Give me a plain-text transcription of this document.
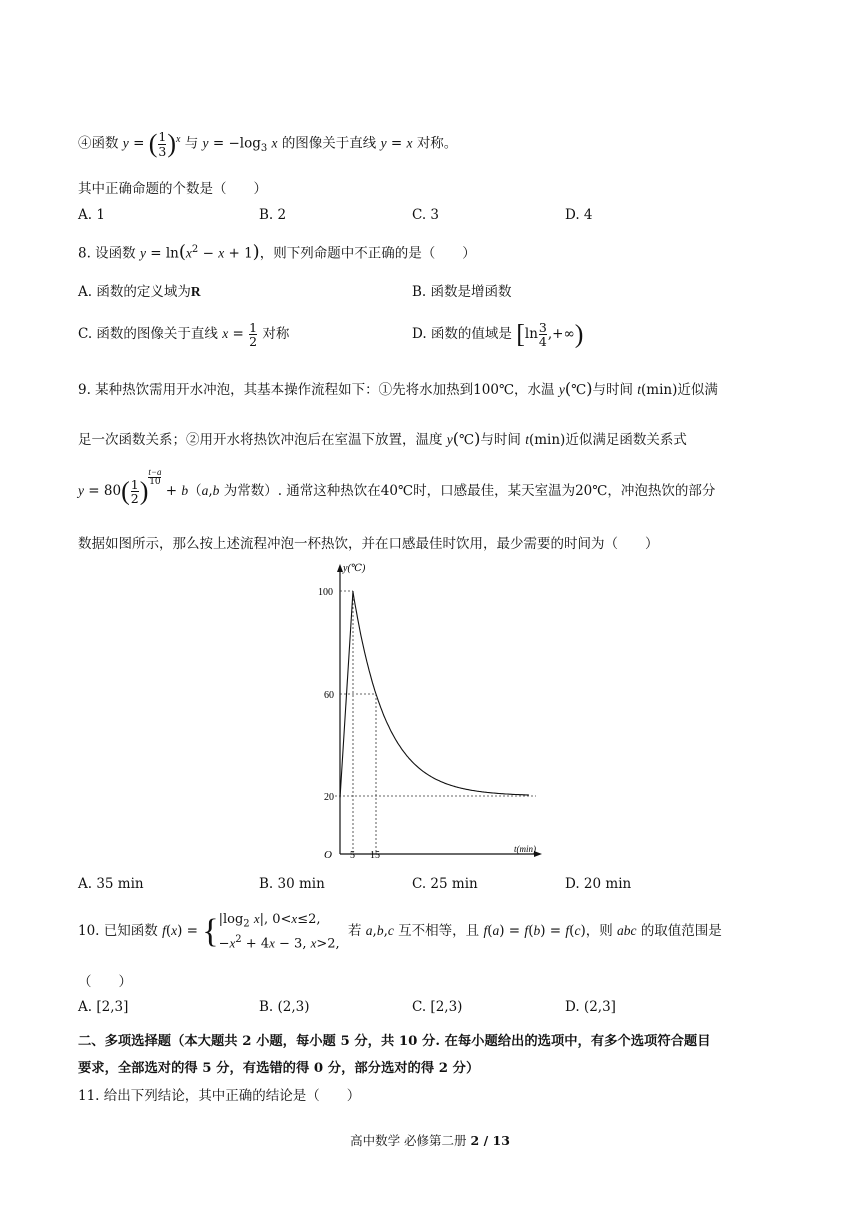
④函数 y = ( $\frac{1}{3} )^x$ 与 $y = -\log_3$ x 的图像关于直线 y = x 对称。
其中正确命题的个数是（　　）
A. 1	B. 2	C. 3	D. 4
8. 设函数 $y = \ln(x^2 - x + 1)$，则下列命题中不正确的是（　　）
A. 函数的定义域为R	B. 函数是增函数
C. 函数的图像关于直线 $x = \frac{1}{2}$ 对称	D. 函数的值域是 [$\ln \frac{3}{4}$ ,+∞)
9. 某种热饮需用开水冲泡，其基本操作流程如下：①先将水加热到100℃，水温 y(℃)与时间 t(min)近似满
足一次函数关系；②用开水将热饮冲泡后在室温下放置，温度 y(℃)与时间 t(min)近似满足函数关系式
$y = 80( \frac{1}{2}$ ) $\frac{t-a}{10}$
+ b（a,b 为常数）. 通常这种热饮在40℃时，口感最佳，某天室温为20℃，冲泡热饮的部分
数据如图所示，那么按上述流程冲泡一杯热饮，并在口感最佳时饮用，最少需要的时间为（　　）
y(℃)
t(min)
O 5 15
100
60
20
A. 35 min	B. 30 min	C. 25 min	D. 20 min
10. 已知函数 f(x) = { $|\log_2$ x|, 0<x≤2,
$-x^2 + 4x - 3$, x>2,
若 a,b,c 互不相等，且 f(a) = f(b) = f(c)，则 abc 的取值范围是
（　　）
A. [2,3]	B. (2,3)	C. [2,3)	D. (2,3]
二、多项选择题（本大题共 2 小题，每小题 5 分，共 10 分. 在每小题给出的选项中，有多个选项符合题目
要求，全部选对的得 5 分，有选错的得 0 分，部分选对的得 2 分）
11. 给出下列结论，其中正确的结论是（　　）
高中数学 必修第二册 2 / 13
